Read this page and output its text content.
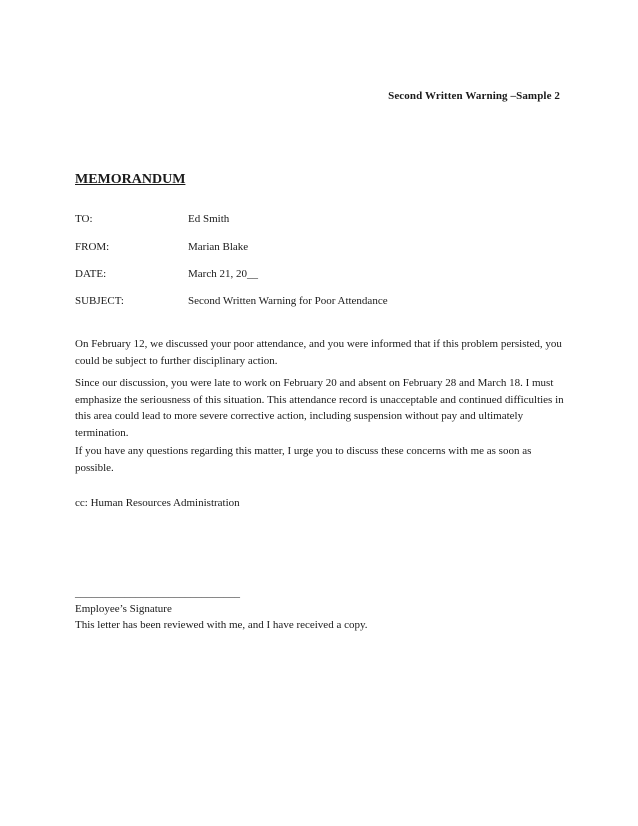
Second Written Warning –Sample 2
MEMORANDUM
TO:	Ed Smith
FROM:	Marian Blake
DATE:	March 21, 20__
SUBJECT:	Second Written Warning for Poor Attendance

On February 12, we discussed your poor attendance, and you were informed that if this problem persisted, you could be subject to further disciplinary action.

Since our discussion, you were late to work on February 20 and absent on February 28 and March 18. I must emphasize the seriousness of this situation. This attendance record is unacceptable and continued difficulties in this area could lead to more severe corrective action, including suspension without pay and ultimately termination.

If you have any questions regarding this matter, I urge you to discuss these concerns with me as soon as possible.

cc: Human Resources Administration
______________________________
Employee’s Signature
This letter has been reviewed with me, and I have received a copy.
